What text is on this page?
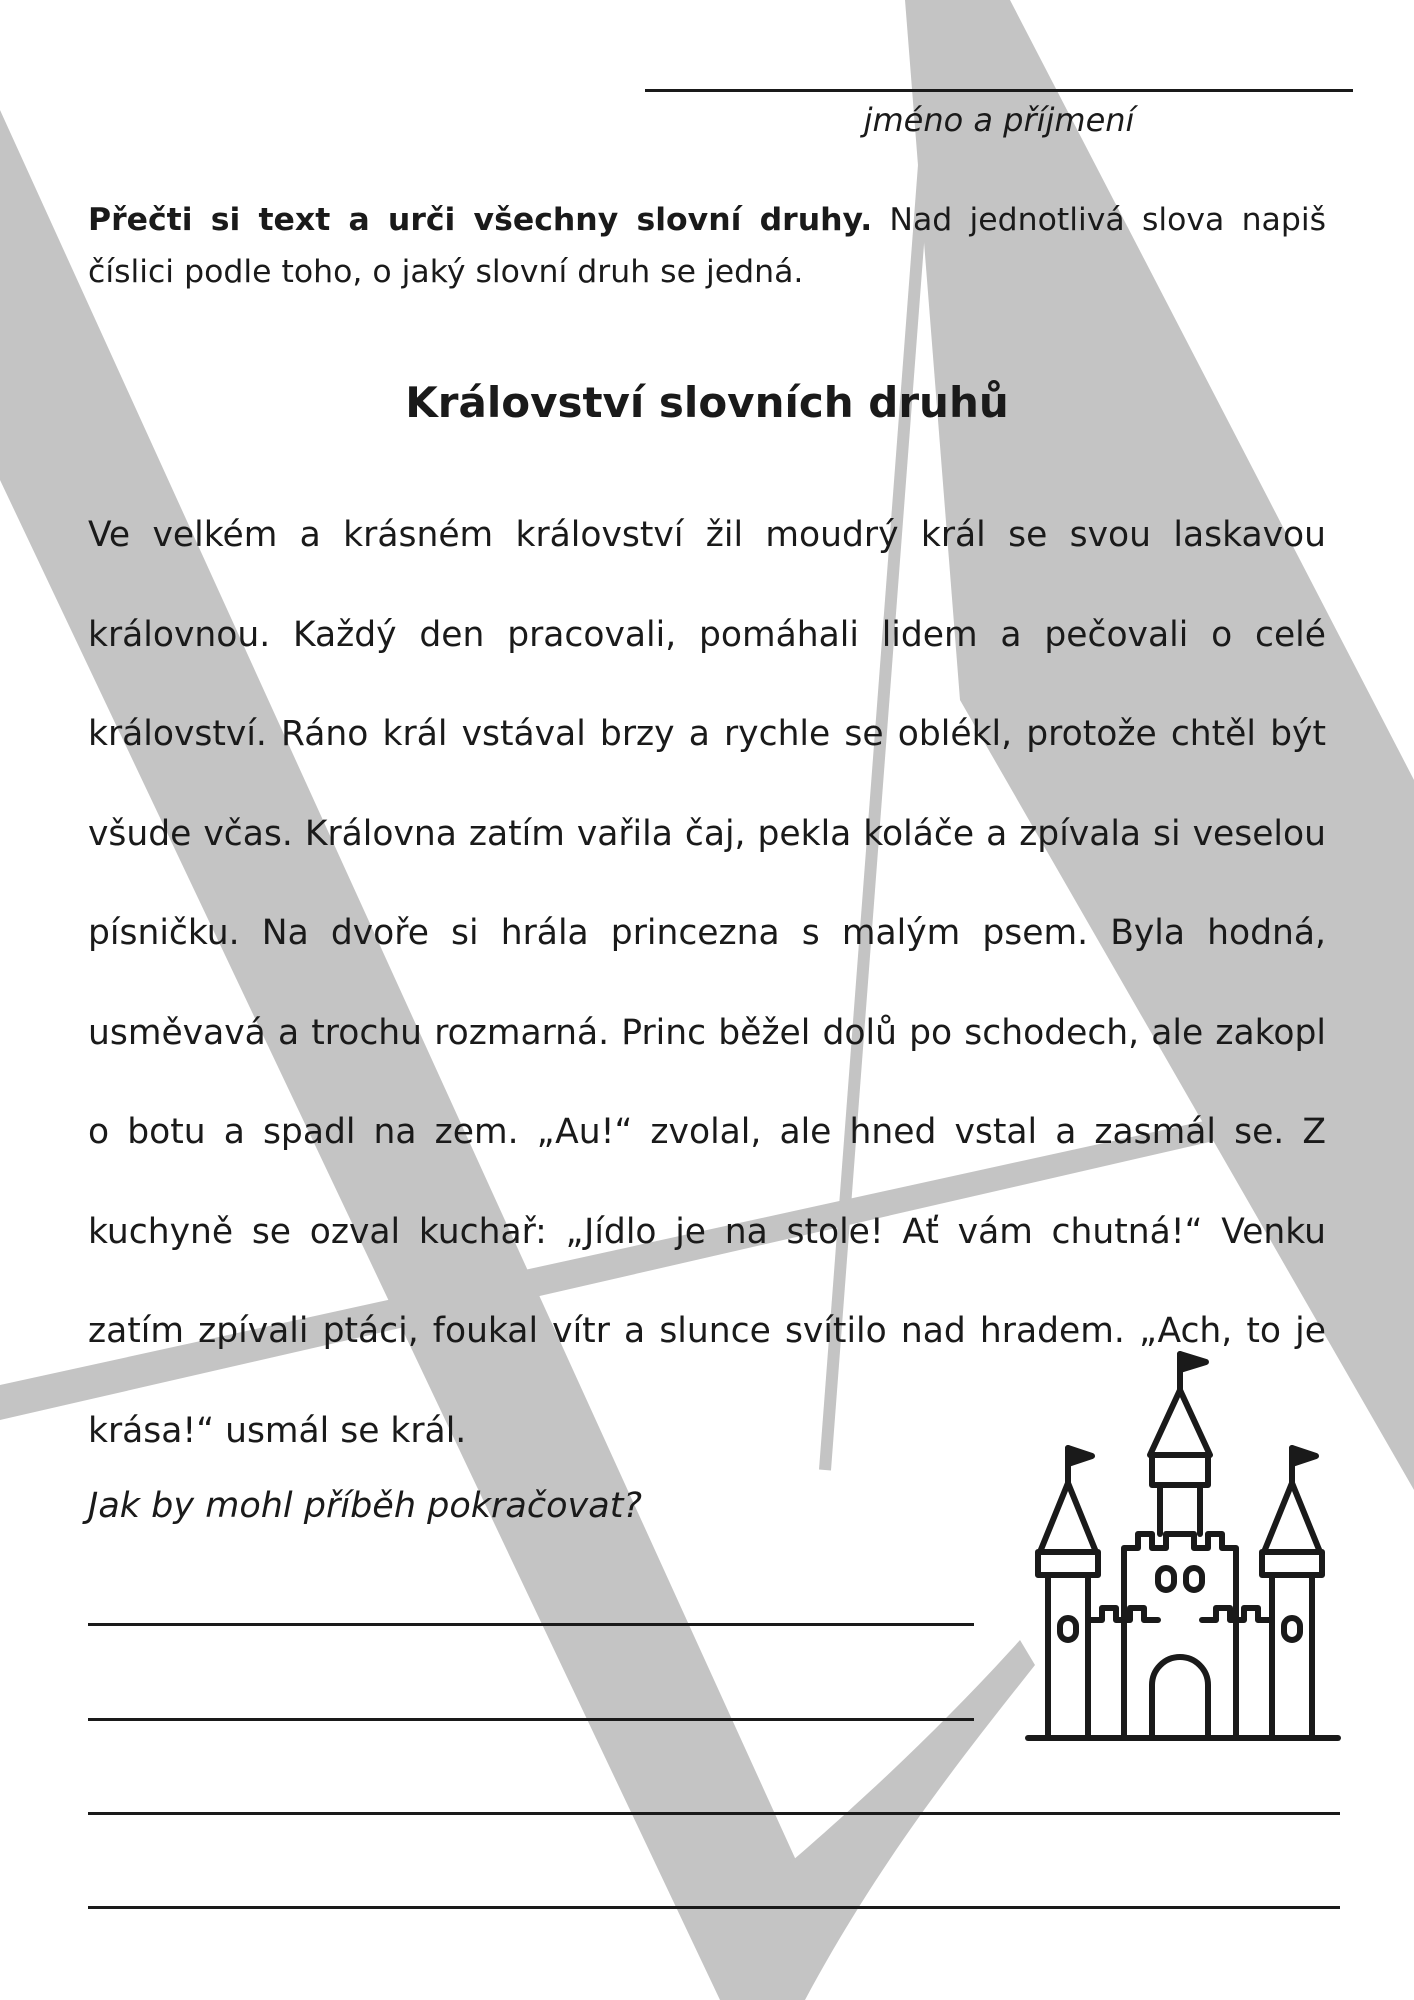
jméno a příjmení
Přečti si text a urči všechny slovní druhy. Nad jednotlivá slova napiš číslici podle toho, o jaký slovní druh se jedná.
Království slovních druhů

Ve velkém a krásném království žil moudrý král se svou laskavou královnou. Každý den pracovali, pomáhali lidem a pečovali o celé království. Ráno král vstával brzy a rychle se oblékl, protože chtěl být všude včas. Královna zatím vařila čaj, pekla koláče a zpívala si veselou písničku. Na dvoře si hrála princezna s malým psem. Byla hodná, usměvavá a trochu rozmarná. Princ běžel dolů po schodech, ale zakopl o botu a spadl na zem. „Au!“ zvolal, ale hned vstal a zasmál se. Z kuchyně se ozval kuchař: „Jídlo je na stole! Ať vám chutná!“ Venku zatím zpívali ptáci, foukal vítr a slunce svítilo nad hradem. „Ach, to je krása!“ usmál se král.

Jak by mohl příběh pokračovat?
